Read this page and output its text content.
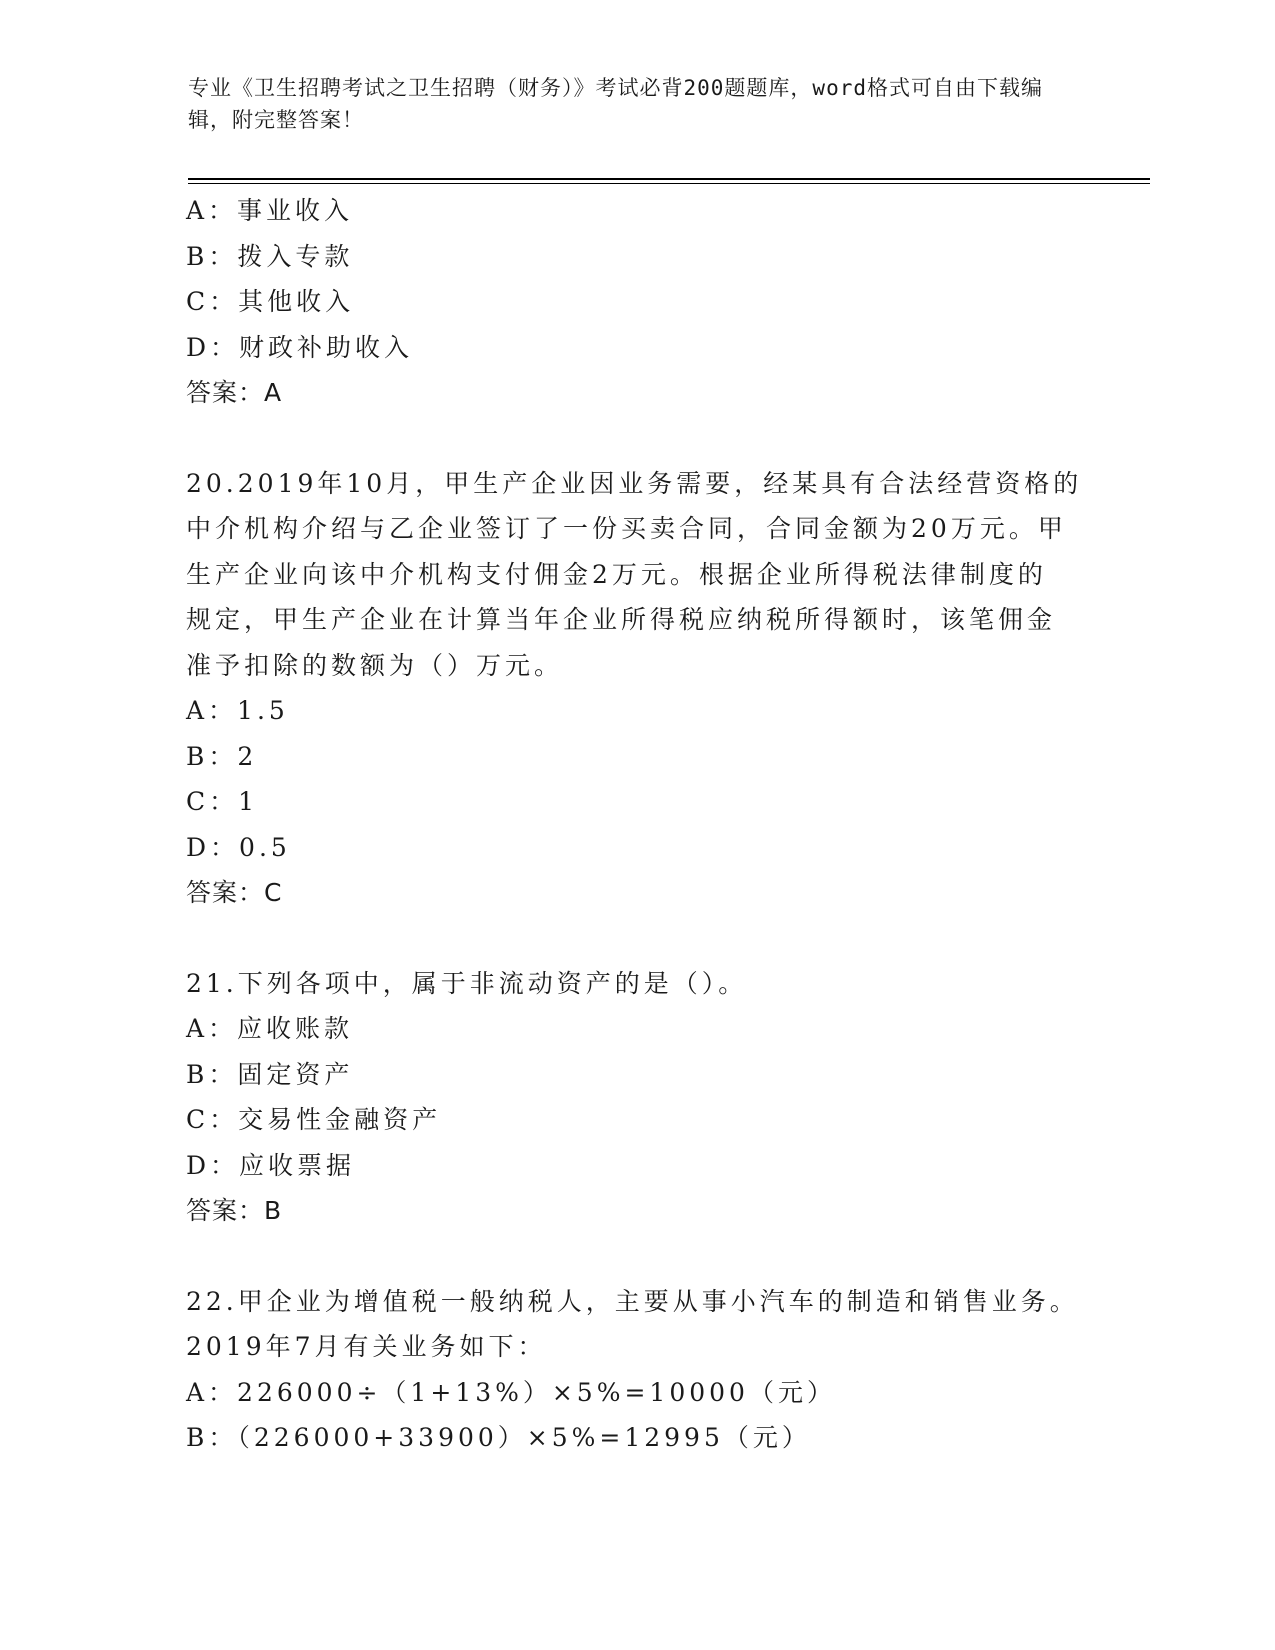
专业《卫生招聘考试之卫生招聘（财务）》考试必背200题题库，word格式可自由下载编辑，附完整答案！
A：事业收入
B：拨入专款
C：其他收入
D：财政补助收入
答案：A
20.2019年10月，甲生产企业因业务需要，经某具有合法经营资格的
中介机构介绍与乙企业签订了一份买卖合同，合同金额为20万元。甲
生产企业向该中介机构支付佣金2万元。根据企业所得税法律制度的
规定，甲生产企业在计算当年企业所得税应纳税所得额时，该笔佣金
准予扣除的数额为（）万元。
A：1.5
B：2
C：1
D：0.5
答案：C
21.下列各项中，属于非流动资产的是（）。
A：应收账款
B：固定资产
C：交易性金融资产
D：应收票据
答案：B
22.甲企业为增值税一般纳税人，主要从事小汽车的制造和销售业务。
2019年7月有关业务如下：
A：226000÷（1+13%）×5%=10000（元）
B：（226000+33900）×5%=12995（元）
